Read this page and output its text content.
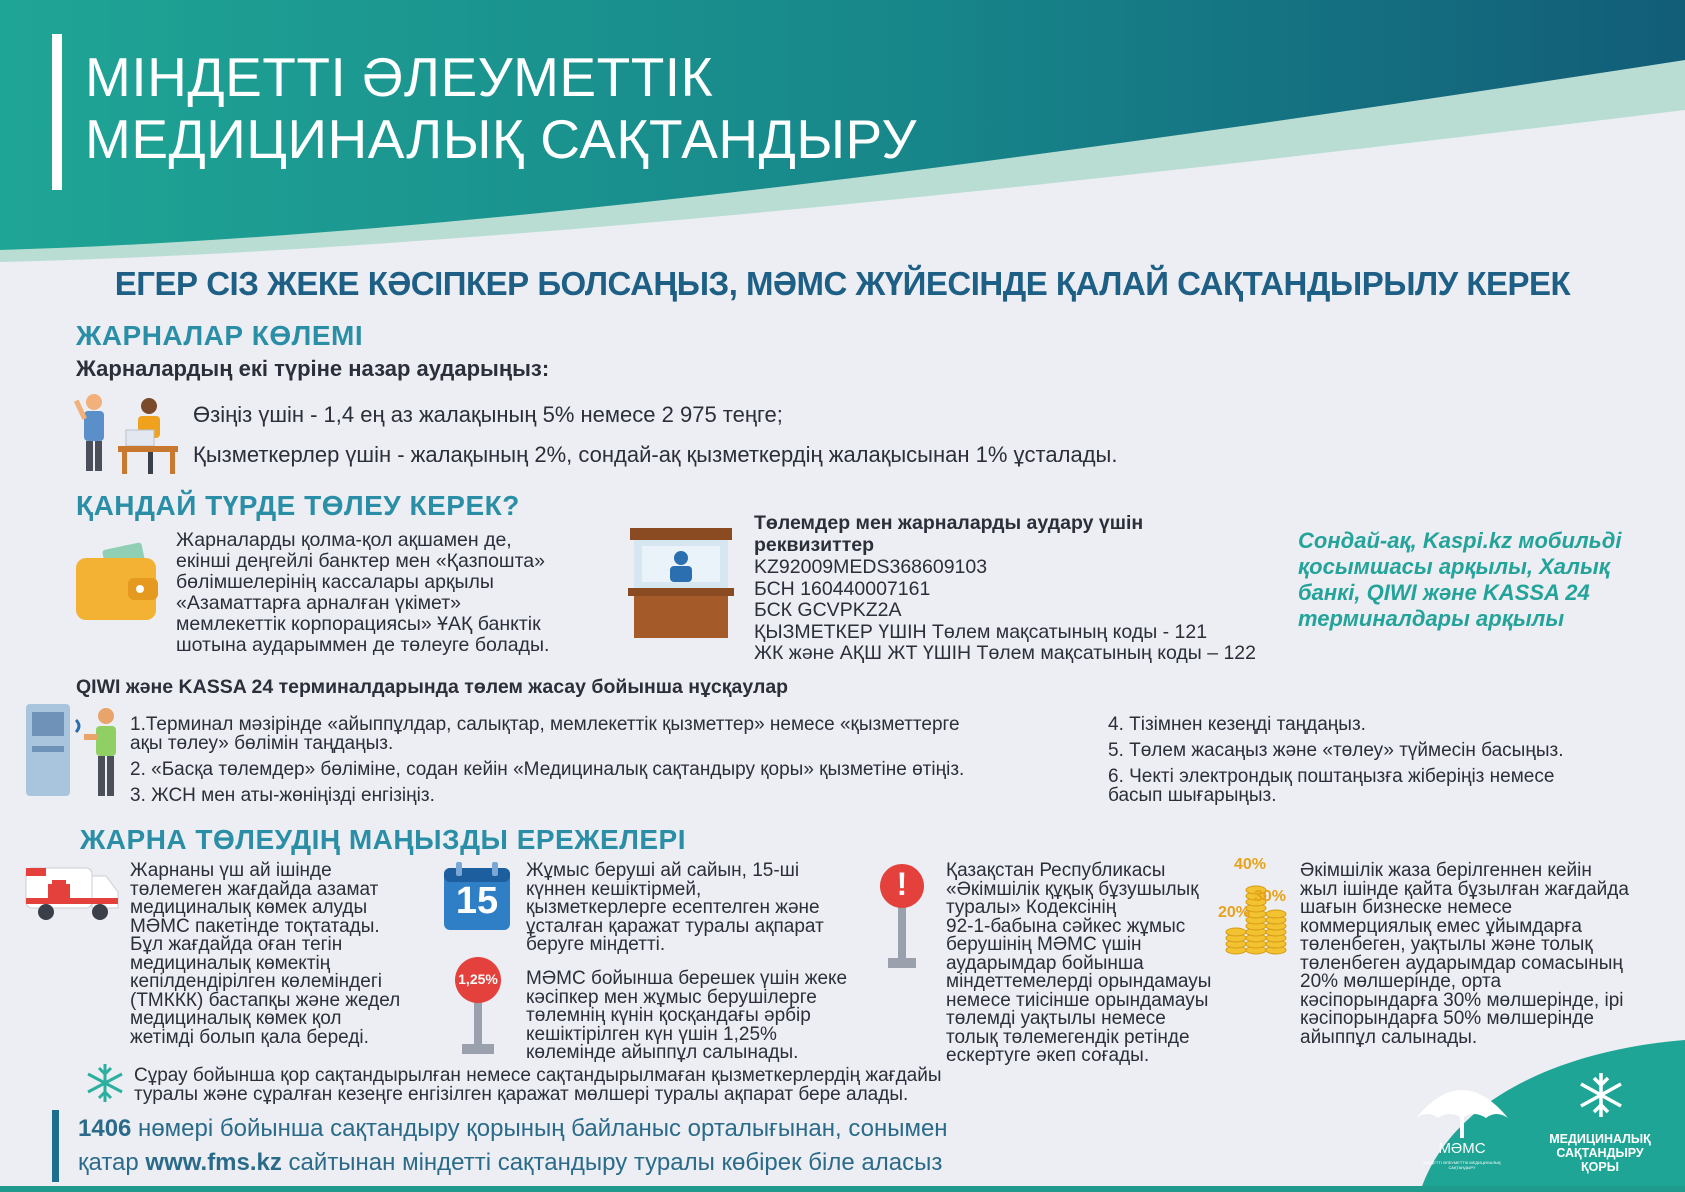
МІНДЕТТІ ӘЛЕУМЕТТІК
МЕДИЦИНАЛЫҚ САҚТАНДЫРУ
ЕГЕР СІЗ ЖЕКЕ КӘСІПКЕР БОЛСАҢЫЗ, МӘМС ЖҮЙЕСІНДЕ ҚАЛАЙ САҚТАНДЫРЫЛУ КЕРЕК
ЖАРНАЛАР КӨЛЕМІ
Жарналардың екі түріне назар аударыңыз:
Өзіңіз үшін - 1,4 ең аз жалақының 5% немесе 2 975 теңге;
Қызметкерлер үшін - жалақының 2%, сондай-ақ қызметкердің жалақысынан 1% ұсталады.
ҚАНДАЙ ТҮРДЕ ТӨЛЕУ КЕРЕК?
Жарналарды қолма-қол ақшамен де,
екінші деңгейлі банктер мен «Қазпошта»
бөлімшелерінің кассалары арқылы
«Азаматтарға арналған үкімет»
мемлекеттік корпорациясы» ҰАҚ банктік
шотына аударыммен де төлеуге болады.
Төлемдер мен жарналарды аудару үшін
реквизиттер
KZ92009MEDS368609103
БСН 160440007161
БСК GCVPKZ2A
ҚЫЗМЕТКЕР ҮШІН Төлем мақсатының коды - 121
ЖК және АҚШ ЖТ ҮШІН Төлем мақсатының коды – 122
Сондай-ақ, Kaspi.kz мобильді
қосымшасы арқылы, Халық
банкі, QIWI және KASSA 24
терминалдары арқылы
QIWI және KASSA 24 терминалдарында төлем жасау бойынша нұсқаулар
1.Терминал мәзірінде «айыппұлдар, салықтар, мемлекеттік қызметтер» немесе «қызметтерге
ақы төлеу» бөлімін таңдаңыз.
2. «Басқа төлемдер» бөліміне, содан кейін «Медициналық сақтандыру қоры» қызметіне өтіңіз.
3. ЖСН мен аты-жөніңізді енгізіңіз.
4. Тізімнен кезеңді таңдаңыз.
5. Төлем жасаңыз және «төлеу» түймесін басыңыз.
6. Чекті электрондық поштаңызға жіберіңіз немесе
басып шығарыңыз.
ЖАРНА ТӨЛЕУДІҢ МАҢЫЗДЫ ЕРЕЖЕЛЕРІ
Жарнаны үш ай ішінде
төлемеген жағдайда азамат
медициналық көмек алуды
МӘМС пакетінде тоқтатады.
Бұл жағдайда оған тегін
медициналық көмектің
кепілдендірілген көлеміндегі
(ТМККК) бастапқы және жедел
медициналық көмек қол
жетімді болып қала береді.
15
Жұмыс беруші ай сайын, 15-ші
күннен кешіктірмей,
қызметкерлерге есептелген және
ұсталған қаражат туралы ақпарат
беруге міндетті.
1,25%	МӘМС бойынша берешек үшін жеке
кәсіпкер мен жұмыс берушілерге
төлемнің күнін қосқандағы әрбір
кешіктірілген күн үшін 1,25%
көлемінде айыппұл салынады.
!	Қазақстан Республикасы
«Әкімшілік құқық бұзушылық
туралы» Кодексінің
92-1-бабына сәйкес жұмыс
берушінің МӘМС үшін
аударымдар бойынша
міндеттемелерді орындамауы
немесе тиісінше орындамауы
төлемді уақтылы немесе
толық төлемегендік ретінде
ескертуге әкеп соғады.
40%
30%
20%
Әкімшілік жаза берілгеннен кейін
жыл ішінде қайта бұзылған жағдайда
шағын бизнеске немесе
коммерциялық емес ұйымдарға
төленбеген, уақтылы және толық
төленбеген аударымдар сомасының
20% мөлшерінде, орта
кәсіпорындарға 30% мөлшерінде, ірі
кәсіпорындарға 50% мөлшерінде
айыппұл салынады.
Сұрау бойынша қор сақтандырылған немесе сақтандырылмаған қызметкерлердің жағдайы
туралы және сұралған кезеңге енгізілген қаражат мөлшері туралы ақпарат бере алады.
1406 нөмері бойынша сақтандыру қорының байланыс орталығынан, сонымен
қатар www.fms.kz сайтынан міндетті сақтандыру туралы көбірек біле аласыз
МӘМС
МІНДЕТТІ ӘЛЕУМЕТТІК МЕДИЦИНАЛЫҚ САҚТАНДЫРУ
МЕДИЦИНАЛЫҚ
САҚТАНДЫРУ
ҚОРЫ
